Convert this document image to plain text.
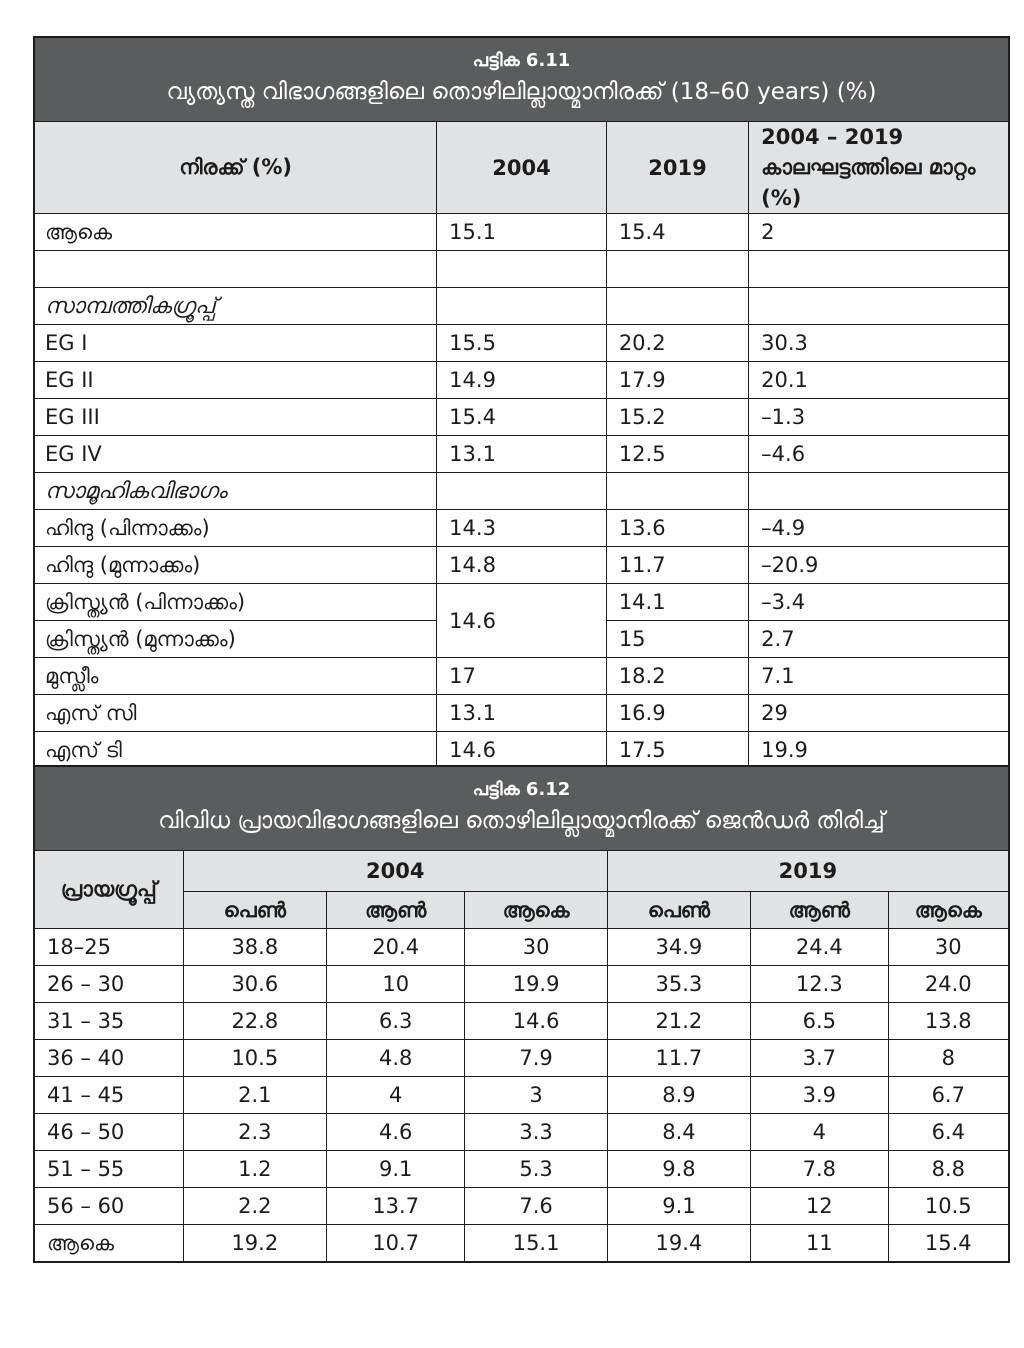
പട്ടിക 6.11
വ്യത്യസ്ത വിഭാഗങ്ങളിലെ തൊഴിലില്ലായ്മാനിരക്ക് (18–60 years) (%)			

നിരക്ക് (%)	2004	2019	2004 – 2019 കാലഘട്ടത്തിലെ മാറ്റം (%)
ആകെ	15.1	15.4	2

സാമ്പത്തികഗ്രൂപ്പ്			
EG I	15.5	20.2	30.3
EG II	14.9	17.9	20.1
EG III	15.4	15.2	–1.3
EG IV	13.1	12.5	–4.6
സാമൂഹികവിഭാഗം			
ഹിന്ദു (പിന്നാക്കം)	14.3	13.6	–4.9
ഹിന്ദു (മുന്നാക്കം)	14.8	11.7	–20.9
ക്രിസ്ത്യൻ (പിന്നാക്കം)	14.6	14.1	–3.4
ക്രിസ്ത്യൻ (മുന്നാക്കം)		15	2.7
മുസ്ലീം	17	18.2	7.1
എസ് സി	13.1	16.9	29
എസ് ടി	14.6	17.5	19.9
പട്ടിക 6.12
വിവിധ പ്രായവിഭാഗങ്ങളിലെ തൊഴിലില്ലായ്മാനിരക്ക് ജെൻഡർ തിരിച്ച്						

പ്രായഗ്രൂപ്പ്	2004			2019		
	പെൺ	ആൺ	ആകെ	പെൺ	ആൺ	ആകെ
18–25	38.8	20.4	30	34.9	24.4	30
26 – 30	30.6	10	19.9	35.3	12.3	24.0
31 – 35	22.8	6.3	14.6	21.2	6.5	13.8
36 – 40	10.5	4.8	7.9	11.7	3.7	8
41 – 45	2.1	4	3	8.9	3.9	6.7
46 – 50	2.3	4.6	3.3	8.4	4	6.4
51 – 55	1.2	9.1	5.3	9.8	7.8	8.8
56 – 60	2.2	13.7	7.6	9.1	12	10.5
ആകെ	19.2	10.7	15.1	19.4	11	15.4
